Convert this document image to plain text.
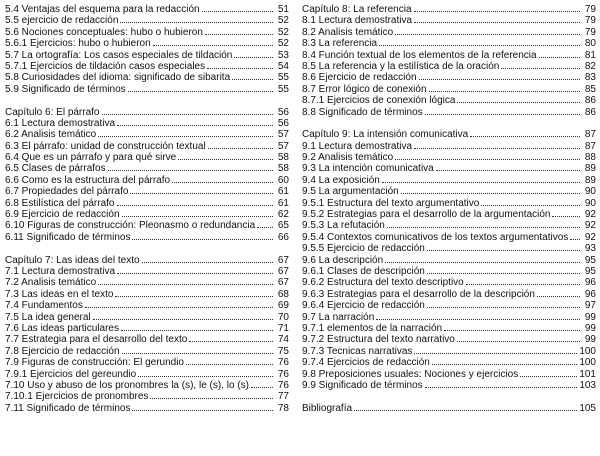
5.4 Ventajas del esquema para la redacción	51
5.5 ejercicio de redacción	52
5.6 Nociones conceptuales: hubo o hubieron	52
5.6.1 Ejercicios: hubo o hubieron	52
5.7 La ortografía: Los casos especiales de tildación	53
5.7.1 Ejercicios de tildación casos especiales	54
5.8 Curiosidades del idioma: significado de sibarita	55
5.9 Significado de términos	55
Capítulo 6: El párrafo	56
6.1 Lectura demostrativa	56
6.2 Analisis temático	57
6.3 El párrafo: unidad de construcción textual	57
6.4 Que es un párrafo y para qué sirve	58
6.5 Clases de párrafos	58
6.6 Como es la estructura del párrafo	60
6.7 Propiedades del párrafo	61
6.8 Estilística del párrafo	61
6.9 Ejercicio de redacción	62
6.10 Figuras de construcción: Pleonasmo o redundancia 65
6.11 Significado de términos	66
Capítulo 7: Las ideas del texto	67
7.1 Lectura demostrativa	67
7.2 Analisis temático	67
7.3 Las ideas en el texto	68
7.4 Fundamentos	69
7.5 La idea general	70
7.6 Las ideas particulares	71
7.7 Estrategia para el desarrollo del texto	74
7.8 Ejercicio de redacción	75
7.9 Figuras de construcción: El gerundio	76
7.9.1 Ejercicios del gereundio	76
7.10 Uso y abuso de los pronombres la (s), le (s), lo (s)	76
7.10.1 Ejercicios de pronombres	77
7.11 Significado de términos	78
Capítulo 8: La referencia	79
8.1 Lectura demostrativa	79
8.2 Analisis temático	79
8.3 La referencia	80
8.4 Función textual de los elementos de la referencia	81
8.5 La referencia y la estilística de la oración	82
8.6 Ejercicio de redacción	83
8.7 Error lógico de conexión	85
8.7.1 Ejercicios de conexión lógica	86
8.8 Significado de términos	86
Capítulo 9: La intensión comunicativa	87
9.1 Lectura demostrativa	87
9.2 Analisis temático	88
9.3 La intención comunicativa	89
9.4 La exposición	89
9.5 La argumentación	90
9.5.1 Estructura del texto argumentativo	90
9.5.2 Estrategias para el desarrollo de la argumentación	92
9.5.3 La refutación	92
9.5.4 Contextos comunicativos de los textos argumentativos 92
9.5.5 Ejercicio de redacción	93
9.6 La descripción	95
9.6.1 Clases de descripción	95
9.6.2 Estructura del texto descriptivo	96
9.6.3 Estrategias para el desarrollo de la descripción	96
9.6.4 Ejercicio de redacción	97
9.7 La narración	99
9.7.1 elementos de la narración	99
9.7.2 Estructura del texto narrativo	99
9.7.3 Tecnicas narrativas	100
9.7.4 Ejercicios de redacción	100
9.8 Preposiciones usuales: Nociones y ejercicios	101
9.9 Significado de términos	103
Bibliografía	105
